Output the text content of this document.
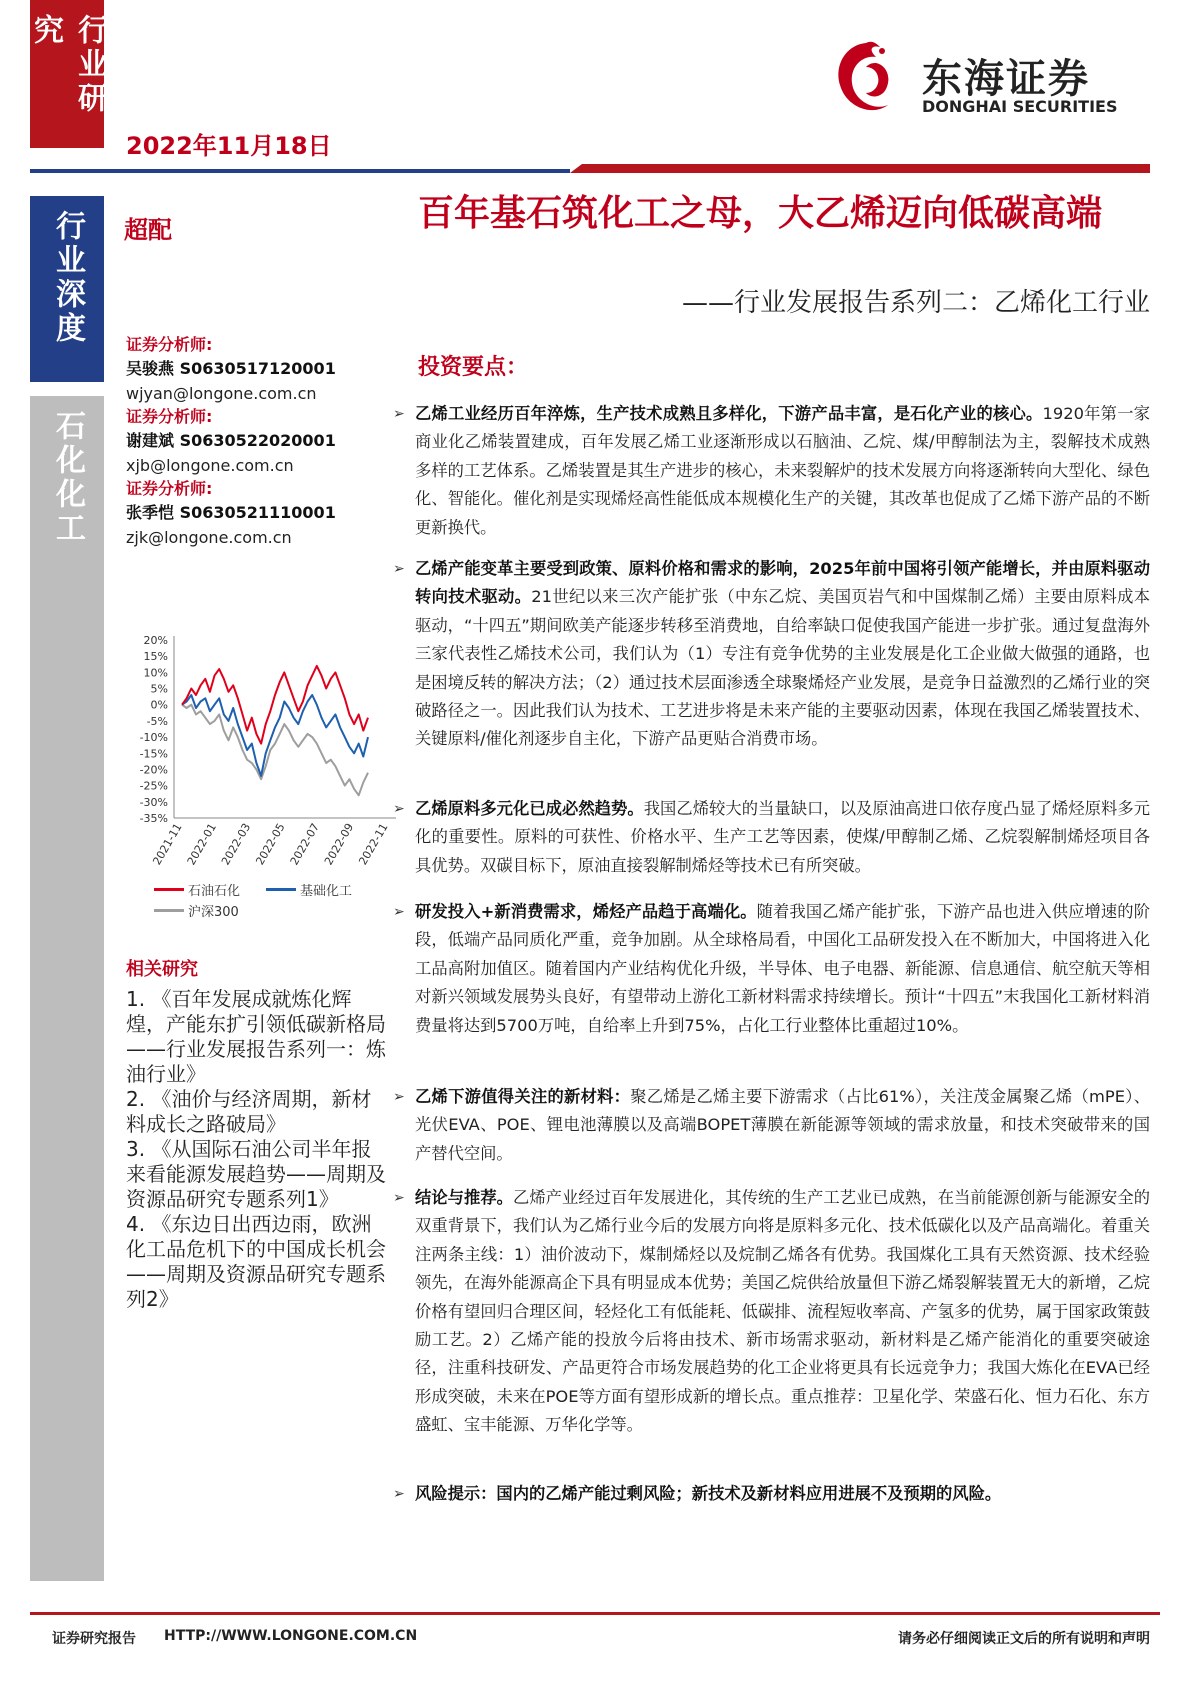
行业研究
行业深度
石化化工
2022年11月18日
东海证券
DONGHAI SECURITIES
超配	百年基石筑化工之母，大乙烯迈向低碳高端
——行业发展报告系列二：乙烯化工行业
证券分析师:
吴骏燕 S0630517120001
wjyan@longone.com.cn
证券分析师:
谢建斌 S0630522020001
xjb@longone.com.cn
证券分析师:
张季恺 S0630521110001
zjk@longone.com.cn
20%
15%
10%
5%
0%
-5%
-10%
-15%
-20%
-25%
-30%
-35%
2021-11 2022-01 2022-03 2022-05 2022-07 2022-09 2022-11
石油石化	基础化工
沪深300
相关研究
1. 《百年发展成就炼化辉煌，产能东扩引领低碳新格局——行业发展报告系列一：炼油行业》
2. 《油价与经济周期，新材料成长之路破局》
3. 《从国际石油公司半年报来看能源发展趋势——周期及资源品研究专题系列1》
4. 《东边日出西边雨，欧洲化工品危机下的中国成长机会——周期及资源品研究专题系列2》
投资要点：
➢ 乙烯工业经历百年淬炼，生产技术成熟且多样化，下游产品丰富，是石化产业的核心。1920年第一家商业化乙烯装置建成，百年发展乙烯工业逐渐形成以石脑油、乙烷、煤/甲醇制法为主，裂解技术成熟多样的工艺体系。乙烯装置是其生产进步的核心，未来裂解炉的技术发展方向将逐渐转向大型化、绿色化、智能化。催化剂是实现烯烃高性能低成本规模化生产的关键，其改革也促成了乙烯下游产品的不断更新换代。
➢ 乙烯产能变革主要受到政策、原料价格和需求的影响，2025年前中国将引领产能增长，并由原料驱动转向技术驱动。21世纪以来三次产能扩张（中东乙烷、美国页岩气和中国煤制乙烯）主要由原料成本驱动，“十四五”期间欧美产能逐步转移至消费地，自给率缺口促使我国产能进一步扩张。通过复盘海外三家代表性乙烯技术公司，我们认为（1）专注有竞争优势的主业发展是化工企业做大做强的通路，也是困境反转的解决方法；（2）通过技术层面渗透全球聚烯烃产业发展，是竞争日益激烈的乙烯行业的突破路径之一。因此我们认为技术、工艺进步将是未来产能的主要驱动因素，体现在我国乙烯装置技术、关键原料/催化剂逐步自主化，下游产品更贴合消费市场。
➢ 乙烯原料多元化已成必然趋势。我国乙烯较大的当量缺口，以及原油高进口依存度凸显了烯烃原料多元化的重要性。原料的可获性、价格水平、生产工艺等因素，使煤/甲醇制乙烯、乙烷裂解制烯烃项目各具优势。双碳目标下，原油直接裂解制烯烃等技术已有所突破。
➢ 研发投入+新消费需求，烯烃产品趋于高端化。随着我国乙烯产能扩张，下游产品也进入供应增速的阶段，低端产品同质化严重，竞争加剧。从全球格局看，中国化工品研发投入在不断加大，中国将进入化工品高附加值区。随着国内产业结构优化升级，半导体、电子电器、新能源、信息通信、航空航天等相对新兴领域发展势头良好，有望带动上游化工新材料需求持续增长。预计“十四五”末我国化工新材料消费量将达到5700万吨，自给率上升到75%，占化工行业整体比重超过10%。
➢ 乙烯下游值得关注的新材料：聚乙烯是乙烯主要下游需求（占比61%），关注茂金属聚乙烯（mPE）、光伏EVA、POE、锂电池薄膜以及高端BOPET薄膜在新能源等领域的需求放量，和技术突破带来的国产替代空间。
➢ 结论与推荐。乙烯产业经过百年发展进化，其传统的生产工艺业已成熟，在当前能源创新与能源安全的双重背景下，我们认为乙烯行业今后的发展方向将是原料多元化、技术低碳化以及产品高端化。着重关注两条主线：1）油价波动下，煤制烯烃以及烷制乙烯各有优势。我国煤化工具有天然资源、技术经验领先，在海外能源高企下具有明显成本优势；美国乙烷供给放量但下游乙烯裂解装置无大的新增，乙烷价格有望回归合理区间，轻烃化工有低能耗、低碳排、流程短收率高、产氢多的优势，属于国家政策鼓励工艺。2）乙烯产能的投放今后将由技术、新市场需求驱动，新材料是乙烯产能消化的重要突破途径，注重科技研发、产品更符合市场发展趋势的化工企业将更具有长远竞争力；我国大炼化在EVA已经形成突破，未来在POE等方面有望形成新的增长点。重点推荐：卫星化学、荣盛石化、恒力石化、东方盛虹、宝丰能源、万华化学等。
➢ 风险提示：国内的乙烯产能过剩风险；新技术及新材料应用进展不及预期的风险。
证券研究报告 HTTP://WWW.LONGONE.COM.CN	请务必仔细阅读正文后的所有说明和声明
